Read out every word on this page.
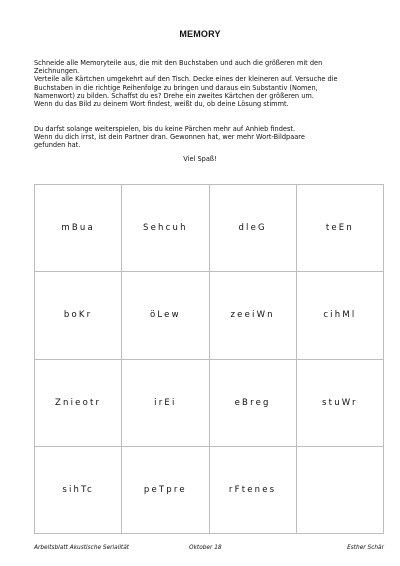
MEMORY
Schneide alle Memoryteile aus, die mit den Buchstaben und auch die größeren mit den
Zeichnungen.
Verteile alle Kärtchen umgekehrt auf den Tisch. Decke eines der kleineren auf. Versuche die
Buchstaben in die richtige Reihenfolge zu bringen und daraus ein Substantiv (Nomen,
Namenwort) zu bilden. Schaffst du es? Drehe ein zweites Kärtchen der größeren um.
Wenn du das Bild zu deinem Wort findest, weißt du, ob deine Lösung stimmt.
Du darfst solange weiterspielen, bis du keine Pärchen mehr auf Anhieb findest.
Wenn du dich irrst, ist dein Partner dran. Gewonnen hat, wer mehr Wort-Bildpaare
gefunden hat.
Viel Spaß!
mBua	Sehcuh	dleG	teEn
boKr	öLew	zeeiWn	cihMl
Znieotr	irEi	eBreg	stuWr
sihTc	peTpre	rFtenes
Arbeitsblatt Akustische Serialität	Oktober 18	Esther Schär
